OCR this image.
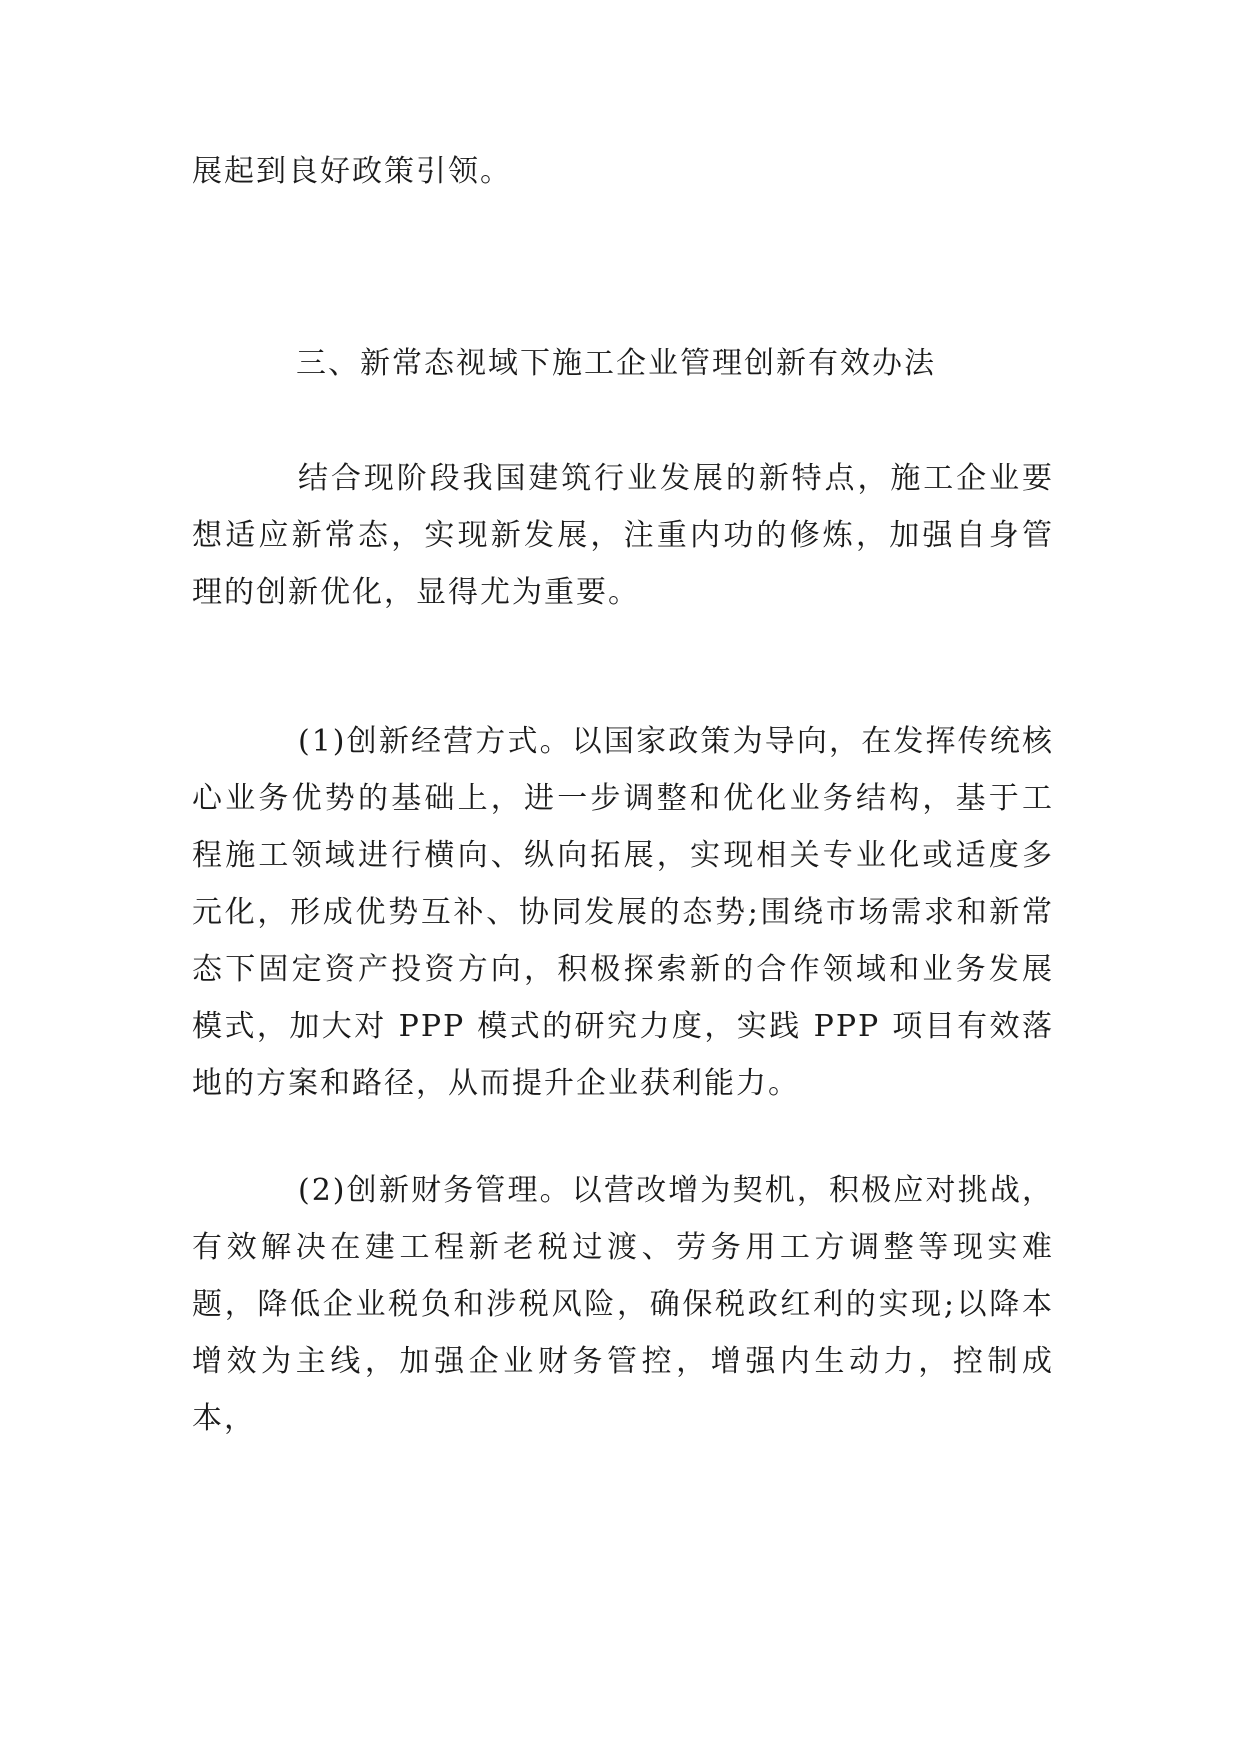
展起到良好政策引领。

三、新常态视域下施工企业管理创新有效办法

结合现阶段我国建筑行业发展的新特点，施工企业要想适应新常态，实现新发展，注重内功的修炼，加强自身管理的创新优化，显得尤为重要。

(1)创新经营方式。以国家政策为导向，在发挥传统核心业务优势的基础上，进一步调整和优化业务结构，基于工程施工领域进行横向、纵向拓展，实现相关专业化或适度多元化，形成优势互补、协同发展的态势;围绕市场需求和新常态下固定资产投资方向，积极探索新的合作领域和业务发展模式，加大对 PPP 模式的研究力度，实践 PPP 项目有效落地的方案和路径，从而提升企业获利能力。

(2)创新财务管理。以营改增为契机，积极应对挑战，有效解决在建工程新老税过渡、劳务用工方调整等现实难题，降低企业税负和涉税风险，确保税政红利的实现;以降本增效为主线，加强企业财务管控，增强内生动力，控制成本，
